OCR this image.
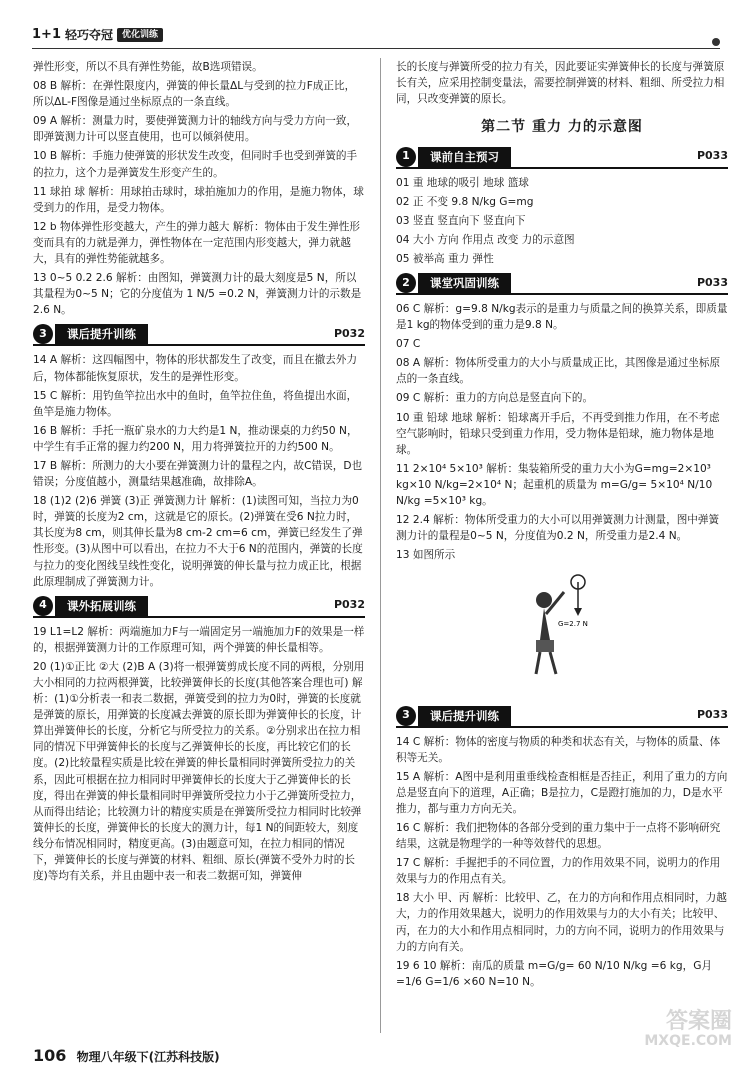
1+1 轻巧夺冠	优化训练

弹性形变，所以不具有弹性势能，故B选项错误。

08 B 解析：在弹性限度内，弹簧的伸长量ΔL与受到的拉力F成正比，所以ΔL-F图像是通过坐标原点的一条直线。

09 A 解析：测量力时，要使弹簧测力计的轴线方向与受力方向一致，即弹簧测力计可以竖直使用，也可以倾斜使用。

10 B 解析：手施力使弹簧的形状发生改变，但同时手也受到弹簧的手的拉力，这个力是弹簧发生形变产生的。

11 球拍 球 解析：用球拍击球时，球拍施加力的作用，是施力物体，球受到力的作用，是受力物体。

12 b 物体弹性形变越大，产生的弹力越大 解析：物体由于发生弹性形变而具有的力就是弹力，弹性物体在一定范围内形变越大，弹力就越大，具有的弹性势能就越多。

13 0~5 0.2 2.6 解析：由图知，弹簧测力计的最大刻度是5 N，所以其量程为0~5 N；它的分度值为 1 N/5 =0.2 N，弹簧测力计的示数是2.6 N。

3	课后提升训练	P032

14 A 解析：这四幅图中，物体的形状都发生了改变，而且在撤去外力后，物体都能恢复原状，发生的是弹性形变。

15 C 解析：用钓鱼竿拉出水中的鱼时，鱼竿拉住鱼，将鱼提出水面，鱼竿是施力物体。

16 B 解析：手托一瓶矿泉水的力大约是1 N，推动课桌的力约50 N，中学生有手正常的握力约200 N，用力将弹簧拉开的力约500 N。

17 B 解析：所测力的大小要在弹簧测力计的量程之内，故C错误，D也错误；分度值越小，测量结果越准确，故排除A。

18 (1)2 (2)6 弹簧 (3)正 弹簧测力计 解析：(1)读图可知，当拉力为0时，弹簧的长度为2 cm，这就是它的原长。(2)弹簧在受6 N拉力时，其长度为8 cm，则其伸长量为8 cm-2 cm=6 cm，弹簧已经发生了弹性形变。(3)从图中可以看出，在拉力不大于6 N的范围内，弹簧的长度与拉力的变化图线呈线性变化，说明弹簧的伸长量与拉力成正比，根据此原理制成了弹簧测力计。

4	课外拓展训练	P032

19 L1=L2 解析：两端施加力F与一端固定另一端施加力F的效果是一样的，根据弹簧测力计的工作原理可知，两个弹簧的伸长量相等。

20 (1)①正比 ②大 (2)B A (3)将一根弹簧剪成长度不同的两根，分别用大小相同的力拉两根弹簧，比较弹簧伸长的长度(其他答案合理也可) 解析：(1)①分析表一和表二数据，弹簧受到的拉力为0时，弹簧的长度就是弹簧的原长，用弹簧的长度减去弹簧的原长即为弹簧伸长的长度，计算出弹簧伸长的长度，分析它与所受拉力的关系。②分别求出在拉力相同的情况下甲弹簧伸长的长度与乙弹簧伸长的长度，再比较它们的长度。(2)比较量程实质是比较在弹簧的伸长量相同时弹簧所受拉力的关系，因此可根据在拉力相同时甲弹簧伸长的长度大于乙弹簧伸长的长度，得出在弹簧的伸长量相同时甲弹簧所受拉力小于乙弹簧所受拉力，从而得出结论；比较测力计的精度实质是在弹簧所受拉力相同时比较弹簧伸长的长度，弹簧伸长的长度大的测力计，每1 N的间距较大，刻度线分布情况相同时，精度更高。(3)由题意可知，在拉力相同的情况下，弹簧伸长的长度与弹簧的材料、粗细、原长(弹簧不受外力时的长度)等均有关系，并且由题中表一和表二数据可知，弹簧伸

长的长度与弹簧所受的拉力有关，因此要证实弹簧伸长的长度与弹簧原长有关，应采用控制变量法，需要控制弹簧的材料、粗细、所受拉力相同，只改变弹簧的原长。

第二节 重力 力的示意图
1	课前自主预习	P033

01 重 地球的吸引 地球 篮球

02 正 不变 9.8 N/kg G=mg

03 竖直 竖直向下 竖直向下

04 大小 方向 作用点 改变 力的示意图

05 被举高 重力 弹性

2	课堂巩固训练	P033

06 C 解析：g=9.8 N/kg表示的是重力与质量之间的换算关系，即质量是1 kg的物体受到的重力是9.8 N。

07 C

08 A 解析：物体所受重力的大小与质量成正比，其图像是通过坐标原点的一条直线。

09 C 解析：重力的方向总是竖直向下的。

10 重 铅球 地球 解析：铅球离开手后，不再受到推力作用，在不考虑空气影响时，铅球只受到重力作用，受力物体是铅球，施力物体是地球。

11 2×10⁴ 5×10³ 解析：集装箱所受的重力大小为G=mg=2×10³ kg×10 N/kg=2×10⁴ N；起重机的质量为 m=G/g= 5×10⁴ N/10 N/kg =5×10³ kg。

12 2.4 解析：物体所受重力的大小可以用弹簧测力计测量，图中弹簧测力计的量程是0~5 N，分度值为0.2 N，所受重力是2.4 N。

13 如图所示

G=2.7 N
3	课后提升训练	P033

14 C 解析：物体的密度与物质的种类和状态有关，与物体的质量、体积等无关。

15 A 解析：A图中是利用重垂线检查相框是否挂正，利用了重力的方向总是竖直向下的道理，A正确；B是拉力，C是蹬打施加的力，D是水平推力，都与重力方向无关。

16 C 解析：我们把物体的各部分受到的重力集中于一点将不影响研究结果，这就是物理学的一种等效替代的思想。

17 C 解析：手握把手的不同位置，力的作用效果不同，说明力的作用效果与力的作用点有关。

18 大小 甲、丙 解析：比较甲、乙，在力的方向和作用点相同时，力越大，力的作用效果越大，说明力的作用效果与力的大小有关；比较甲、丙，在力的大小和作用点相同时，力的方向不同，说明力的作用效果与力的方向有关。

19 6 10 解析：南瓜的质量 m=G/g= 60 N/10 N/kg =6 kg，G月=1/6 G=1/6 ×60 N=10 N。

106 物理八年级下(江苏科技版)
答案圈
MXQE.COM
